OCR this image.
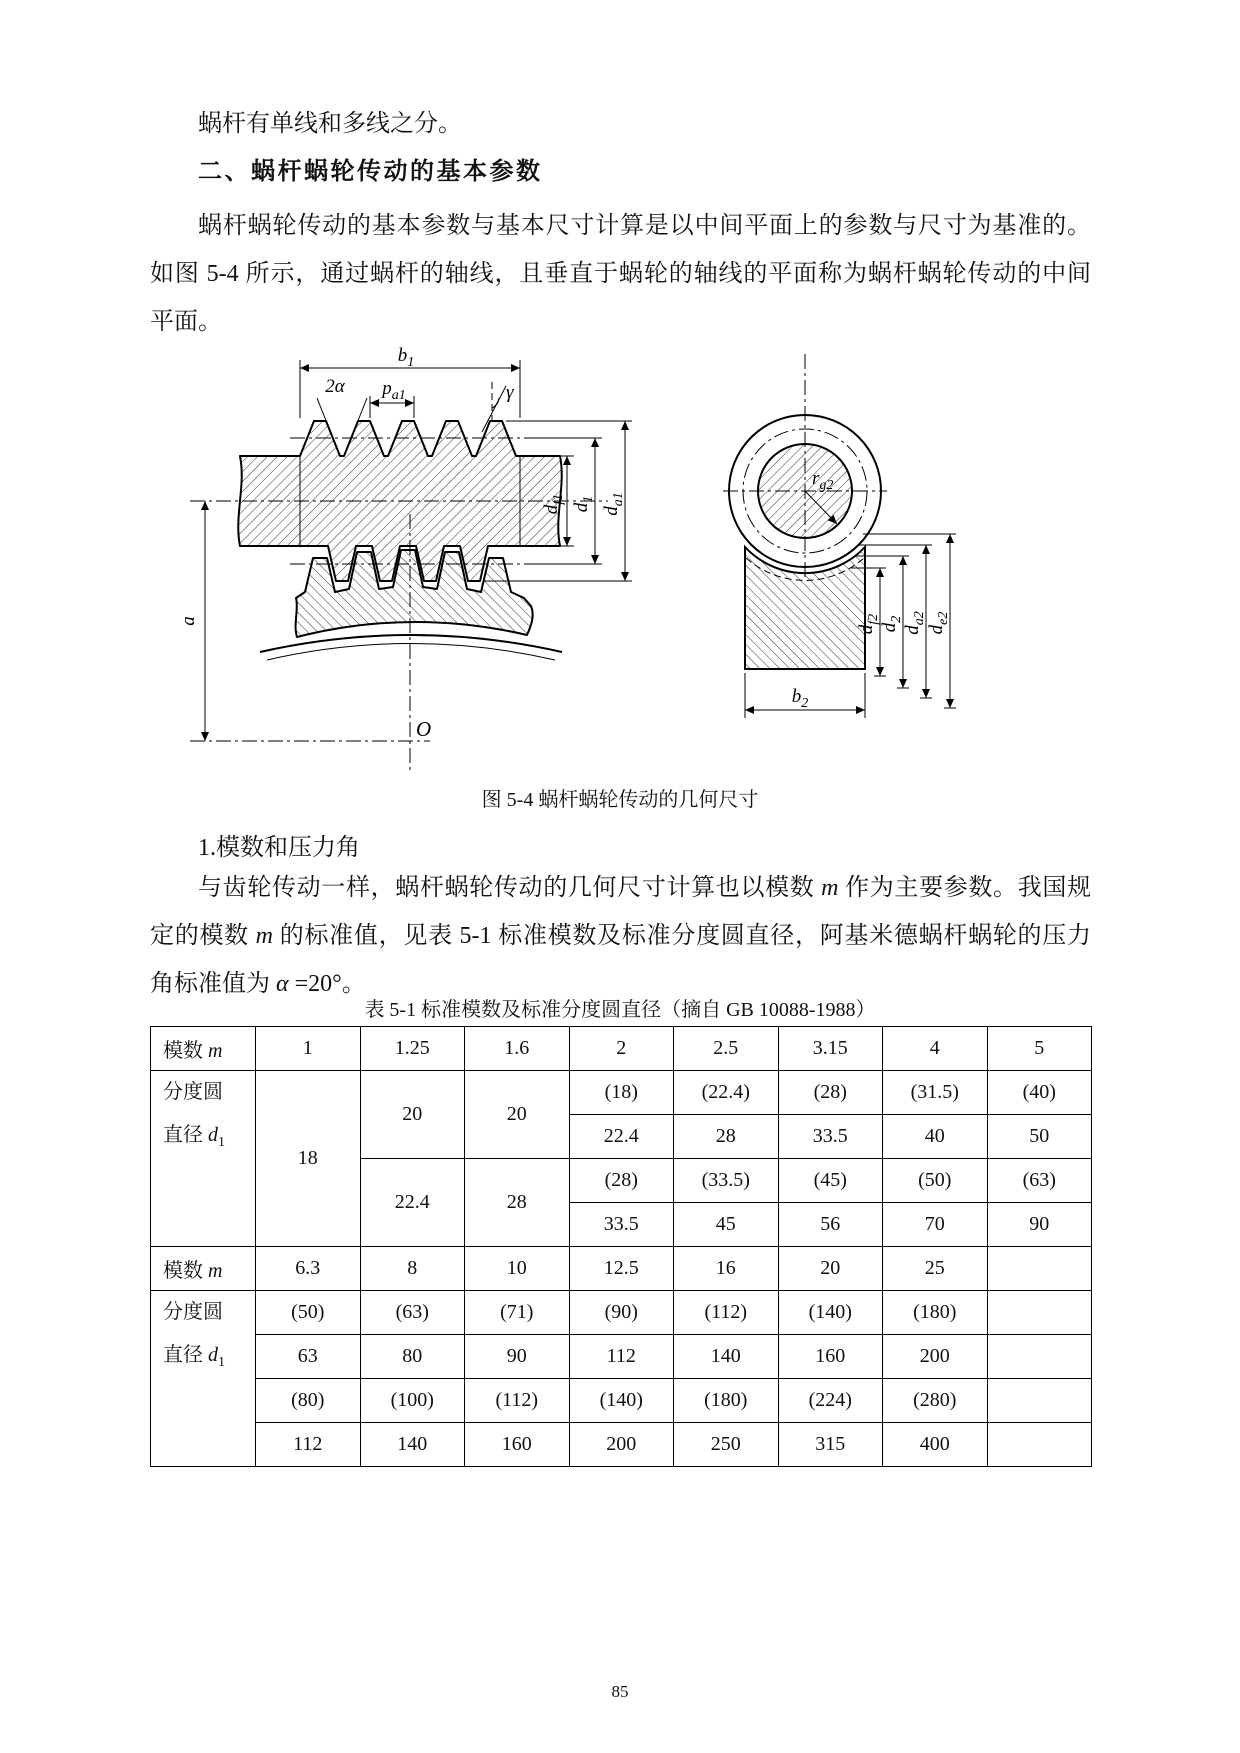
蜗杆有单线和多线之分。
二、蜗杆蜗轮传动的基本参数
蜗杆蜗轮传动的基本参数与基本尺寸计算是以中间平面上的参数与尺寸为基准的。
如图 5-4 所示，通过蜗杆的轴线，且垂直于蜗轮的轴线的平面称为蜗杆蜗轮传动的中间
平面。
$r_{g2}$
$b_1$
2α $p_{a1}$	γ
$d_{f1}$
$d_1$
$d_{a1}$
a
O
$d_{f2}$
$d_2$
$d_{a2}$
$d_{e2}$
$b_2$
图 5-4 蜗杆蜗轮传动的几何尺寸
1.模数和压力角
与齿轮传动一样，蜗杆蜗轮传动的几何尺寸计算也以模数 m 作为主要参数。我国规
定的模数 m 的标准值，见表 5-1 标准模数及标准分度圆直径，阿基米德蜗杆蜗轮的压力
角标准值为 α =20°。
表 5-1 标准模数及标准分度圆直径（摘自 GB 10088-1988）
模数 m	1	1.25	1.6	2	2.5	3.15	4	5

分度圆
直径 $d_1$	18	20	20	(18)	(22.4)	(28)	(31.5)	(40)
				22.4	28	33.5	40	50
		22.4	28	(28)	(33.5)	(45)	(50)	(63)
				33.5	45	56	70	90
模数 m	6.3	8	10	12.5	16	20	25	

分度圆
直径 $d_1$	(50)	(63)	(71)	(90)	(112)	(140)	(180)	
	63	80	90	112	140	160	200	
	(80)	(100)	(112)	(140)	(180)	(224)	(280)	
	112	140	160	200	250	315	400	
85
